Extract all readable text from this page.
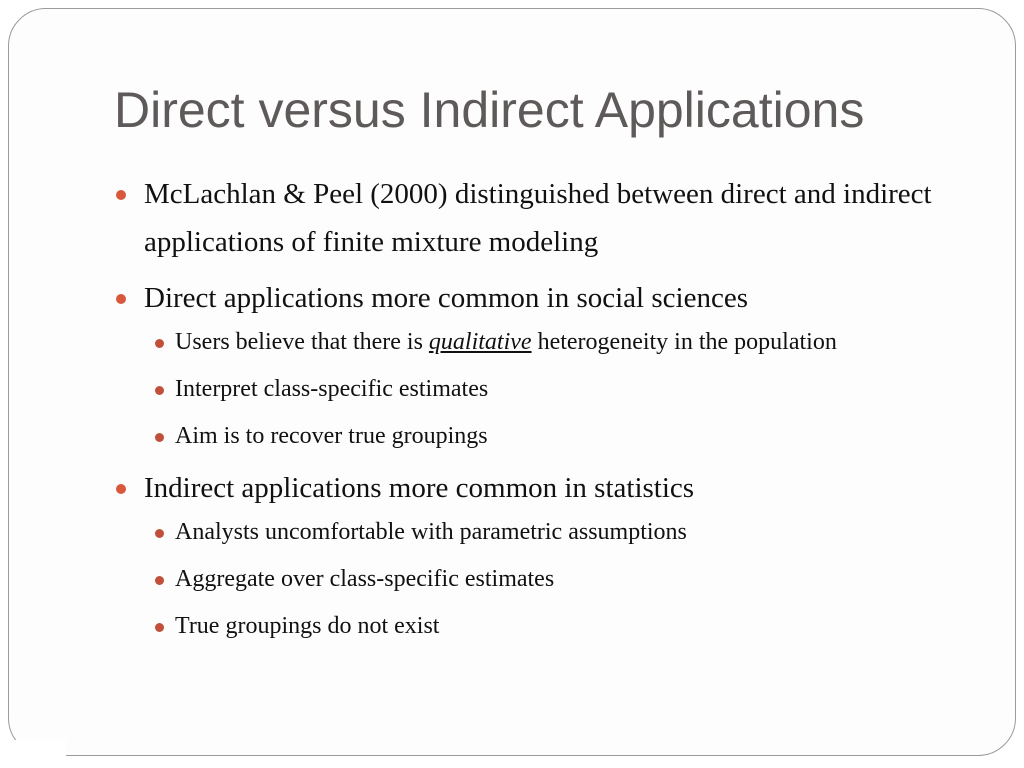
Direct versus Indirect Applications
McLachlan & Peel (2000) distinguished between direct and indirect applications of finite mixture modeling
Direct applications more common in social sciences
Users believe that there is qualitative heterogeneity in the population
Interpret class-specific estimates
Aim is to recover true groupings
Indirect applications more common in statistics
Analysts uncomfortable with parametric assumptions
Aggregate over class-specific estimates
True groupings do not exist
